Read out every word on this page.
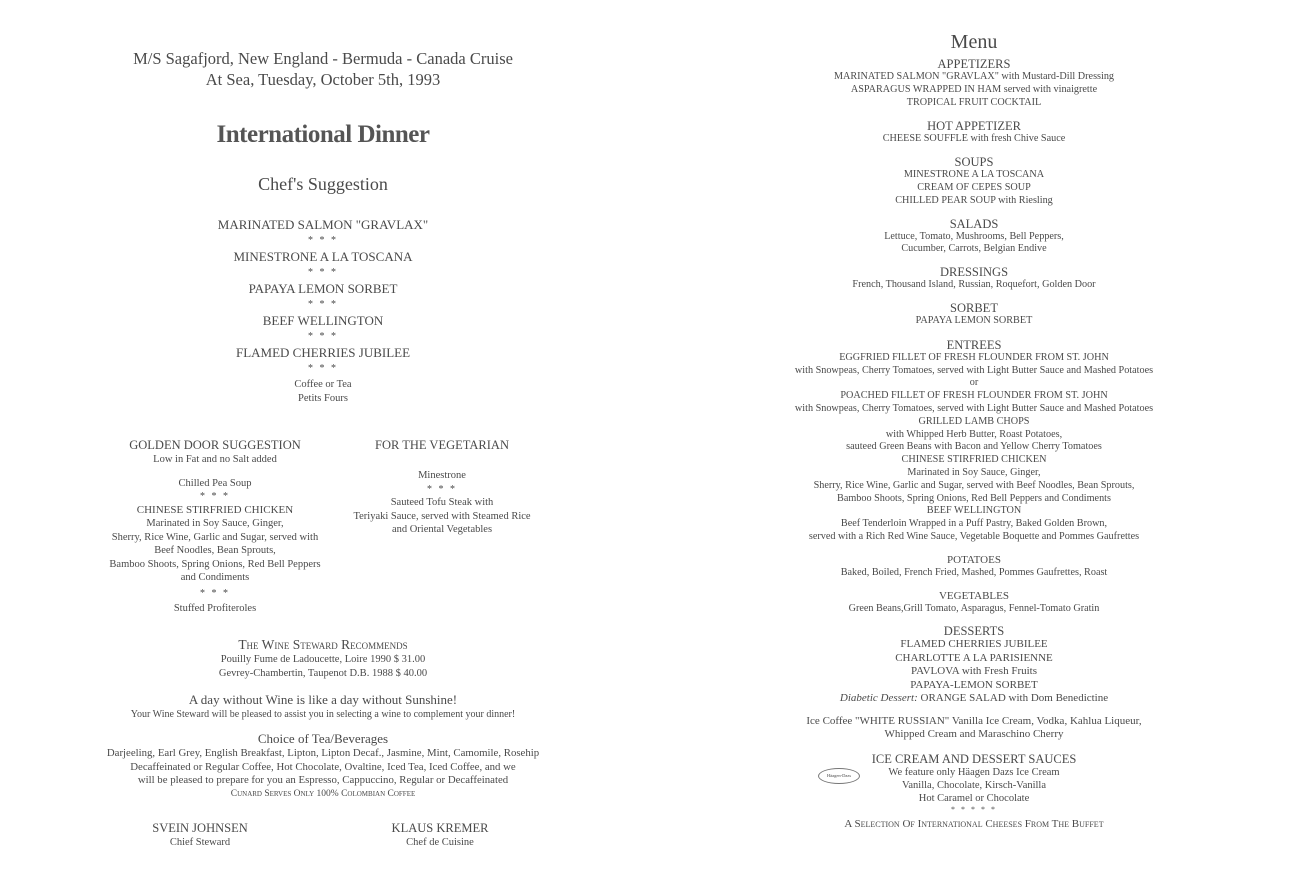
M/S Sagafjord, New England - Bermuda - Canada Cruise
At Sea, Tuesday, October 5th, 1993
International Dinner
Chef's Suggestion
MARINATED SALMON "GRAVLAX"
* * *
MINESTRONE A LA TOSCANA
* * *
PAPAYA LEMON SORBET
* * *
BEEF WELLINGTON
* * *
FLAMED CHERRIES JUBILEE
* * *
Coffee or Tea
Petits Fours
GOLDEN DOOR SUGGESTION
Low in Fat and no Salt added
Chilled Pea Soup
* * *
CHINESE STIRFRIED CHICKEN
Marinated in Soy Sauce, Ginger,
Sherry, Rice Wine, Garlic and Sugar, served with
Beef Noodles, Bean Sprouts,
Bamboo Shoots, Spring Onions, Red Bell Peppers
and Condiments
* * *
Stuffed Profiteroles
FOR THE VEGETARIAN
Minestrone
* * *
Sauteed Tofu Steak with
Teriyaki Sauce, served with Steamed Rice
and Oriental Vegetables
The Wine Steward Recommends
Pouilly Fume de Ladoucette, Loire 1990 $ 31.00
Gevrey-Chambertin, Taupenot D.B. 1988 $ 40.00
A day without Wine is like a day without Sunshine!
Your Wine Steward will be pleased to assist you in selecting a wine to complement your dinner!
Choice of Tea/Beverages
Darjeeling, Earl Grey, English Breakfast, Lipton, Lipton Decaf., Jasmine, Mint, Camomile, Rosehip
Decaffeinated or Regular Coffee, Hot Chocolate, Ovaltine, Iced Tea, Iced Coffee, and we
will be pleased to prepare for you an Espresso, Cappuccino, Regular or Decaffeinated
Cunard Serves Only 100% Colombian Coffee
SVEIN JOHNSEN
Chief Steward
KLAUS KREMER
Chef de Cuisine
Menu
APPETIZERS
MARINATED SALMON "GRAVLAX" with Mustard-Dill Dressing
ASPARAGUS WRAPPED IN HAM served with vinaigrette
TROPICAL FRUIT COCKTAIL
HOT APPETIZER
CHEESE SOUFFLE with fresh Chive Sauce
SOUPS
MINESTRONE A LA TOSCANA
CREAM OF CEPES SOUP
CHILLED PEAR SOUP with Riesling
SALADS
Lettuce, Tomato, Mushrooms, Bell Peppers,
Cucumber, Carrots, Belgian Endive
DRESSINGS
French, Thousand Island, Russian, Roquefort, Golden Door
SORBET
PAPAYA LEMON SORBET
ENTREES
EGGFRIED FILLET OF FRESH FLOUNDER FROM ST. JOHN
with Snowpeas, Cherry Tomatoes, served with Light Butter Sauce and Mashed Potatoes
or
POACHED FILLET OF FRESH FLOUNDER FROM ST. JOHN
with Snowpeas, Cherry Tomatoes, served with Light Butter Sauce and Mashed Potatoes
GRILLED LAMB CHOPS
with Whipped Herb Butter, Roast Potatoes,
sauteed Green Beans with Bacon and Yellow Cherry Tomatoes
CHINESE STIRFRIED CHICKEN
Marinated in Soy Sauce, Ginger,
Sherry, Rice Wine, Garlic and Sugar, served with Beef Noodles, Bean Sprouts,
Bamboo Shoots, Spring Onions, Red Bell Peppers and Condiments
BEEF WELLINGTON
Beef Tenderloin Wrapped in a Puff Pastry, Baked Golden Brown,
served with a Rich Red Wine Sauce, Vegetable Boquette and Pommes Gaufrettes
POTATOES
Baked, Boiled, French Fried, Mashed, Pommes Gaufrettes, Roast
VEGETABLES
Green Beans,Grill Tomato, Asparagus, Fennel-Tomato Gratin
DESSERTS
FLAMED CHERRIES JUBILEE
CHARLOTTE A LA PARISIENNE
PAVLOVA with Fresh Fruits
PAPAYA-LEMON SORBET
Diabetic Dessert: ORANGE SALAD with Dom Benedictine
Ice Coffee "WHITE RUSSIAN" Vanilla Ice Cream, Vodka, Kahlua Liqueur,
Whipped Cream and Maraschino Cherry
ICE CREAM AND DESSERT SAUCES
Häagen-Dazs	We feature only Häagen Dazs Ice Cream
Vanilla, Chocolate, Kirsch-Vanilla
Hot Caramel or Chocolate
* * * * *
A Selection Of International Cheeses From The Buffet
